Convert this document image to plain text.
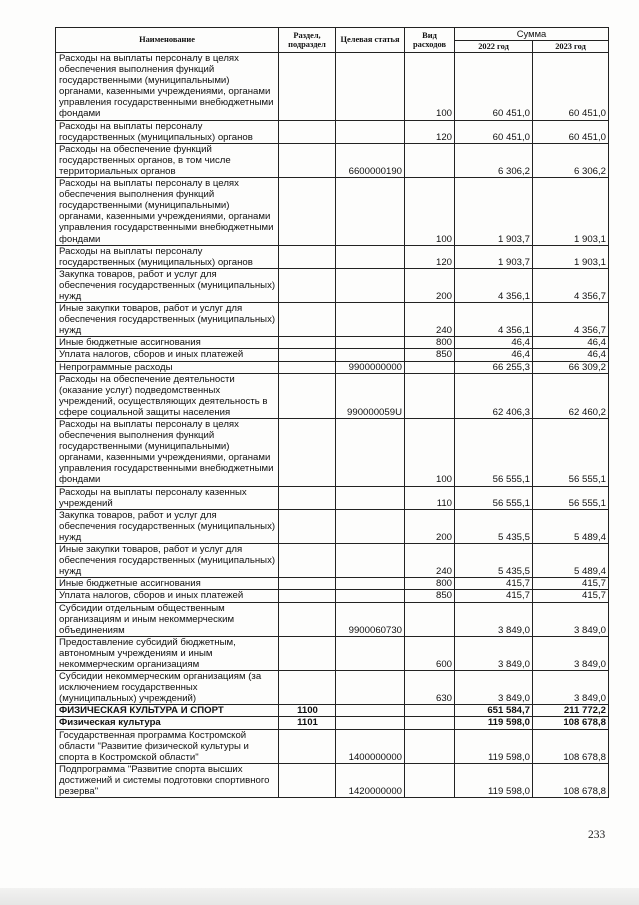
Наименование	Раздел, подраздел	Целевая статья	Вид расходов	Сумма	
				2022 год	2023 год
Расходы на выплаты персоналу в целях обеспечения выполнения функций государственными (муниципальными) органами, казенными учреждениями, органами управления государственными внебюджетными фондами			100	60 451,0	60 451,0
Расходы на выплаты персоналу государственных (муниципальных) органов			120	60 451,0	60 451,0
Расходы на обеспечение функций государственных органов, в том числе территориальных органов		6600000190		6 306,2	6 306,2
Расходы на выплаты персоналу в целях обеспечения выполнения функций государственными (муниципальными) органами, казенными учреждениями, органами управления государственными внебюджетными фондами			100	1 903,7	1 903,1
Расходы на выплаты персоналу государственных (муниципальных) органов			120	1 903,7	1 903,1
Закупка товаров, работ и услуг для обеспечения государственных (муниципальных) нужд			200	4 356,1	4 356,7
Иные закупки товаров, работ и услуг для обеспечения государственных (муниципальных) нужд			240	4 356,1	4 356,7
Иные бюджетные ассигнования			800	46,4	46,4
Уплата налогов, сборов и иных платежей			850	46,4	46,4
Непрограммные расходы		9900000000		66 255,3	66 309,2
Расходы на обеспечение деятельности (оказание услуг) подведомственных учреждений, осуществляющих деятельность в сфере социальной защиты населения		990000059U		62 406,3	62 460,2
Расходы на выплаты персоналу в целях обеспечения выполнения функций государственными (муниципальными) органами, казенными учреждениями, органами управления государственными внебюджетными фондами			100	56 555,1	56 555,1
Расходы на выплаты персоналу казенных учреждений			110	56 555,1	56 555,1
Закупка товаров, работ и услуг для обеспечения государственных (муниципальных) нужд			200	5 435,5	5 489,4
Иные закупки товаров, работ и услуг для обеспечения государственных (муниципальных) нужд			240	5 435,5	5 489,4
Иные бюджетные ассигнования			800	415,7	415,7
Уплата налогов, сборов и иных платежей			850	415,7	415,7
Субсидии отдельным общественным организациям и иным некоммерческим объединениям		9900060730		3 849,0	3 849,0
Предоставление субсидий бюджетным, автономным учреждениям и иным некоммерческим организациям			600	3 849,0	3 849,0
Субсидии некоммерческим организациям (за исключением государственных (муниципальных) учреждений)			630	3 849,0	3 849,0
ФИЗИЧЕСКАЯ КУЛЬТУРА И СПОРТ	1100			651 584,7	211 772,2
Физическая культура	1101			119 598,0	108 678,8
Государственная программа Костромской области "Развитие физической культуры и спорта в Костромской области"		1400000000		119 598,0	108 678,8
Подпрограмма "Развитие спорта высших достижений и системы подготовки спортивного резерва"		1420000000		119 598,0	108 678,8
233
